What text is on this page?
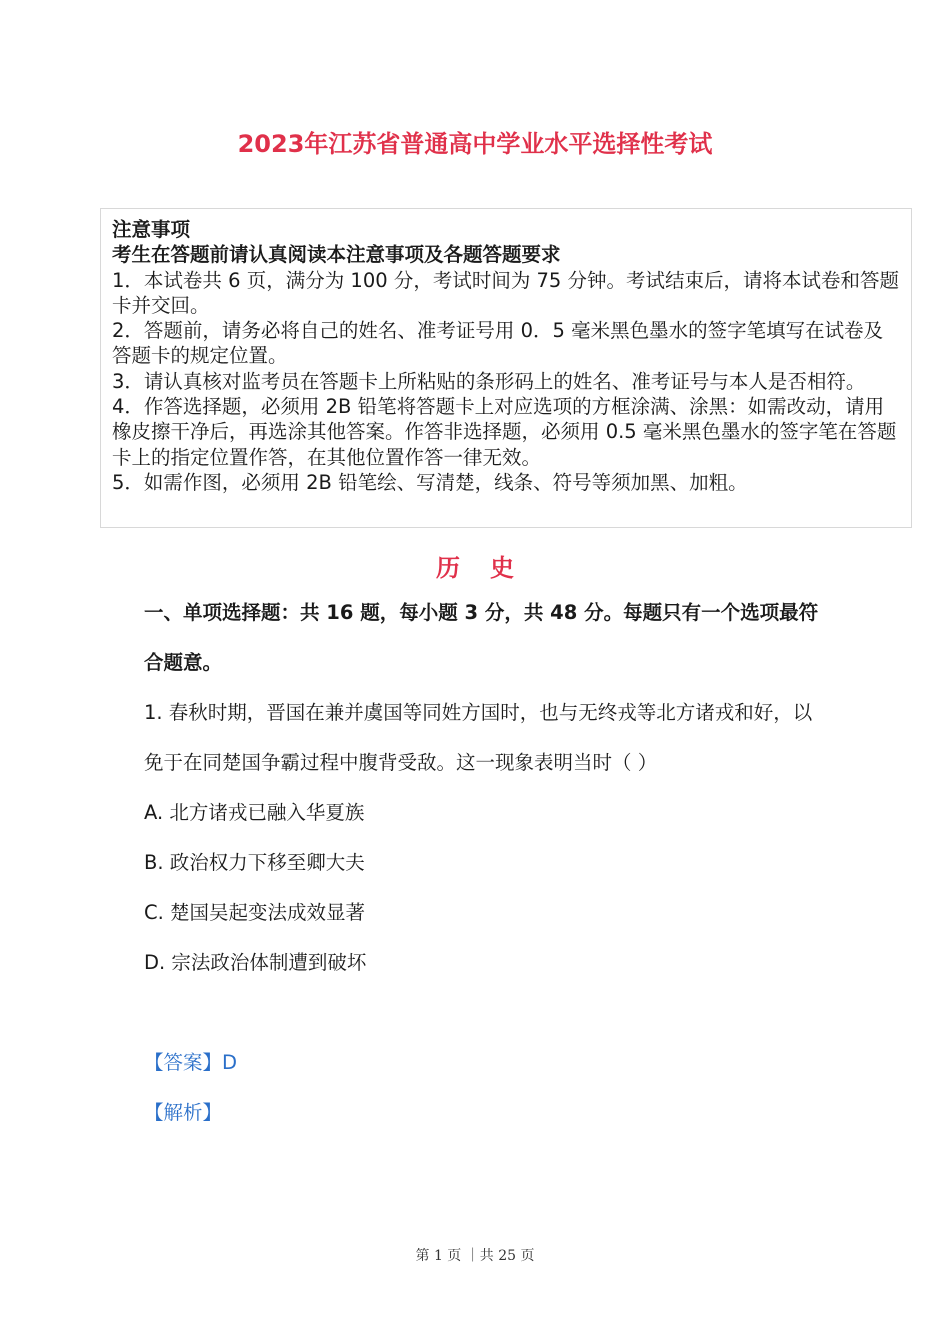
2023年江苏省普通高中学业水平选择性考试
注意事项
考生在答题前请认真阅读本注意事项及各题答题要求
1．本试卷共 6 页，满分为 100 分，考试时间为 75 分钟。考试结束后，请将本试卷和答题卡并交回。
2．答题前，请务必将自己的姓名、准考证号用 0．5 毫米黑色墨水的签字笔填写在试卷及答题卡的规定位置。
3．请认真核对监考员在答题卡上所粘贴的条形码上的姓名、准考证号与本人是否相符。
4．作答选择题，必须用 2B 铅笔将答题卡上对应选项的方框涂满、涂黑：如需改动，请用橡皮擦干净后，再选涂其他答案。作答非选择题，必须用 0.5 毫米黑色墨水的签字笔在答题卡上的指定位置作答，在其他位置作答一律无效。
5．如需作图，必须用 2B 铅笔绘、写清楚，线条、符号等须加黑、加粗。
历史
一、单项选择题：共 16 题，每小题 3 分，共 48 分。每题只有一个选项最符合题意。
1. 春秋时期，晋国在兼并虞国等同姓方国时，也与无终戎等北方诸戎和好，以免于在同楚国争霸过程中腹背受敌。这一现象表明当时（ ）
A. 北方诸戎已融入华夏族
B. 政治权力下移至卿大夫
C. 楚国吴起变法成效显著
D. 宗法政治体制遭到破坏
【答案】D
【解析】
第 1 页 ｜共 25 页
